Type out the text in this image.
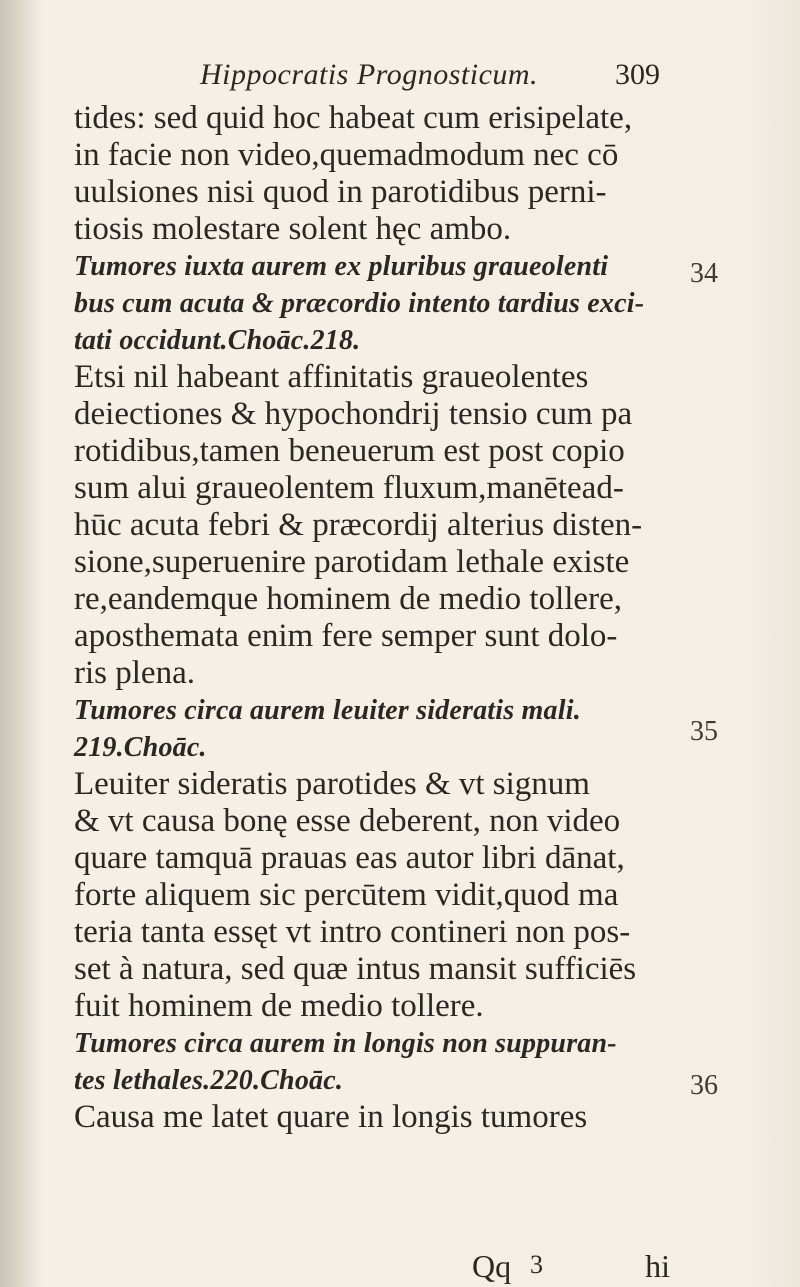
Hippocratis Prognosticum.	309
tides: sed quid hoc habeat cum erisipelate,
in facie non video,quemadmodum nec cō
uulsiones nisi quod in parotidibus perni-
tiosis molestare solent hęc ambo.
Tumores iuxta aurem ex pluribus graueolenti
bus cum acuta & præcordio intento tardius exci-
tati occidunt.Choāc.218.
Etsi nil habeant affinitatis graueolentes
deiectiones & hypochondrij tensio cum pa
rotidibus,tamen beneuerum est post copio
sum alui graueolentem fluxum,manētead-
hūc acuta febri & præcordij alterius disten-
sione,superuenire parotidam lethale existe
re,eandemque hominem de medio tollere,
aposthemata enim fere semper sunt dolo-
ris plena.
Tumores circa aurem leuiter sideratis mali.
219.Choāc.
Leuiter sideratis parotides & vt signum
& vt causa bonę esse deberent, non video
quare tamquā prauas eas autor libri dānat,
forte aliquem sic percūtem vidit,quod ma
teria tanta essęt vt intro contineri non pos-
set à natura, sed quæ intus mansit sufficiēs
fuit hominem de medio tollere.
Tumores circa aurem in longis non suppuran-
tes lethales.220.Choāc.
Causa me latet quare in longis tumores
34
35
36
Qq 3	hi
